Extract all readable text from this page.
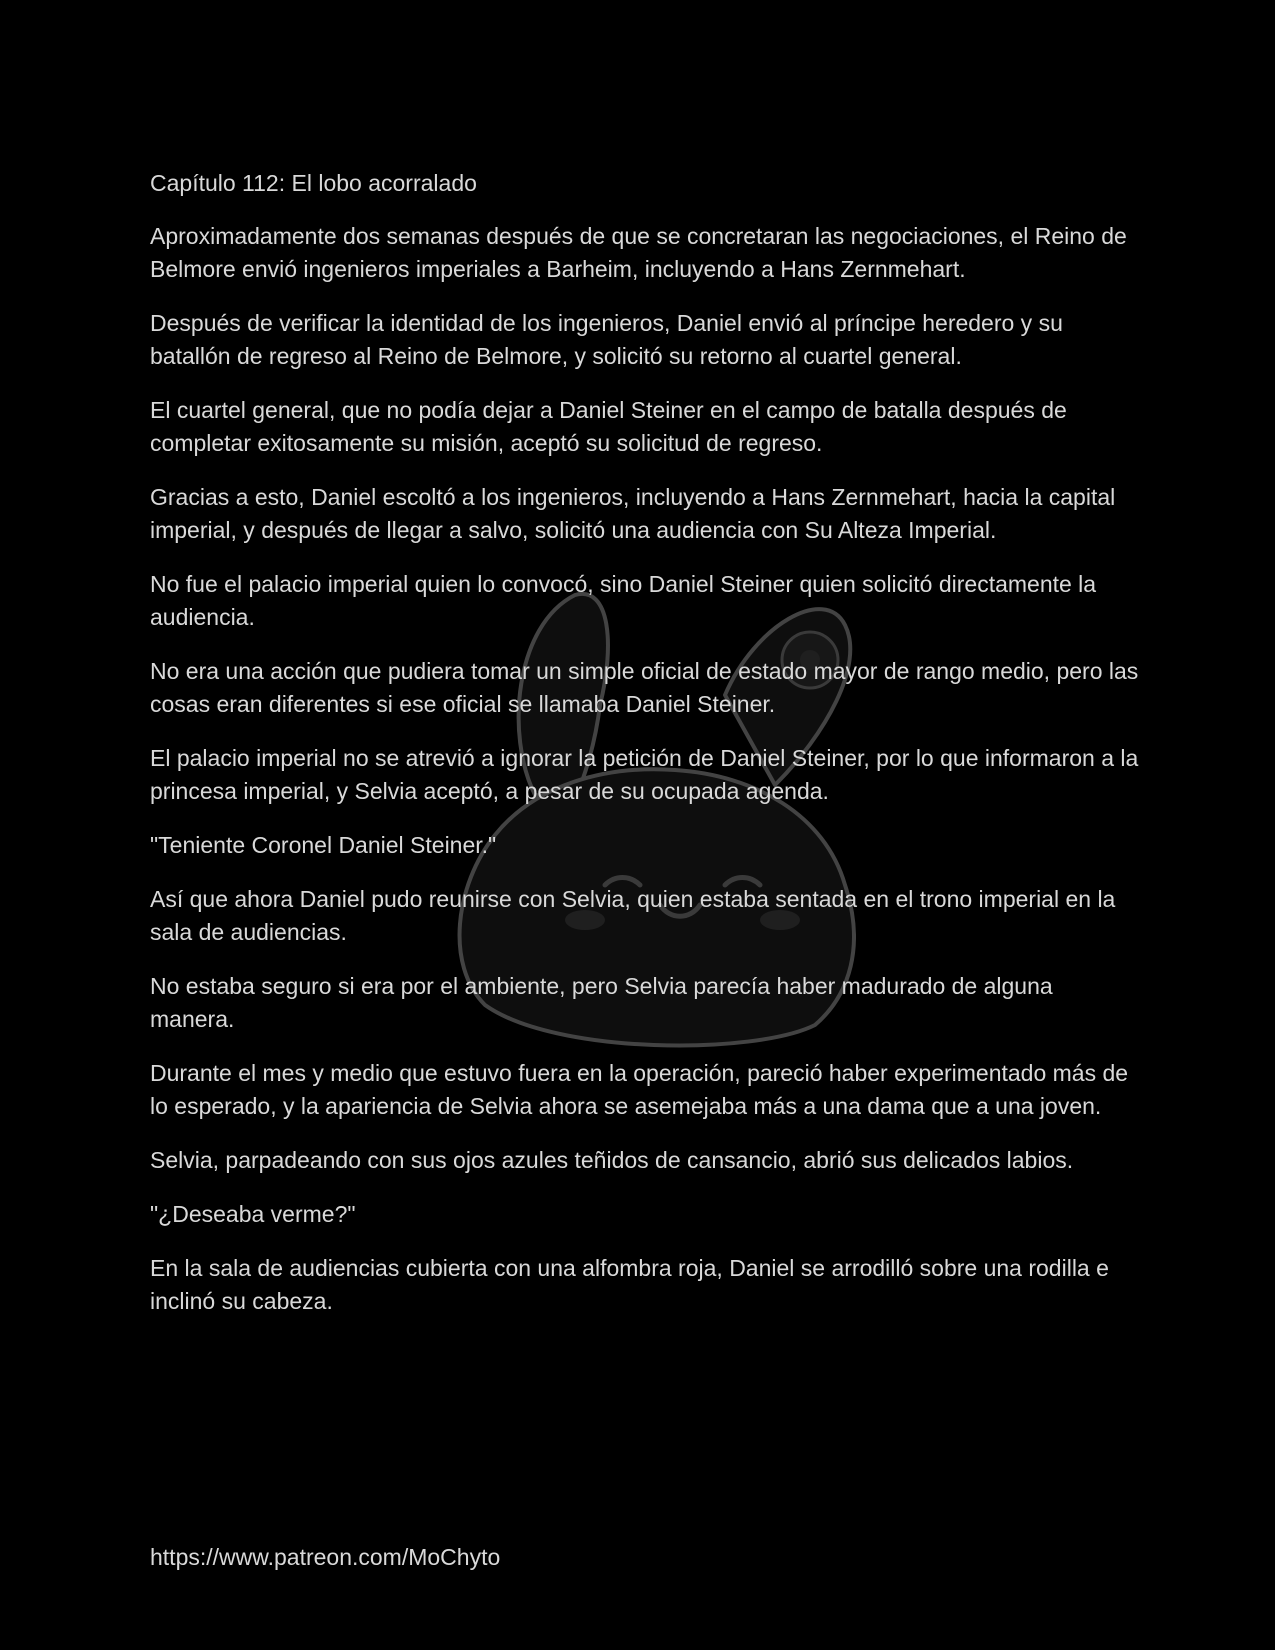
Capítulo 112: El lobo acorralado

Aproximadamente dos semanas después de que se concretaran las negociaciones, el Reino de Belmore envió ingenieros imperiales a Barheim, incluyendo a Hans Zernmehart.

Después de verificar la identidad de los ingenieros, Daniel envió al príncipe heredero y su batallón de regreso al Reino de Belmore, y solicitó su retorno al cuartel general.

El cuartel general, que no podía dejar a Daniel Steiner en el campo de batalla después de completar exitosamente su misión, aceptó su solicitud de regreso.

Gracias a esto, Daniel escoltó a los ingenieros, incluyendo a Hans Zernmehart, hacia la capital imperial, y después de llegar a salvo, solicitó una audiencia con Su Alteza Imperial.

No fue el palacio imperial quien lo convocó, sino Daniel Steiner quien solicitó directamente la audiencia.

No era una acción que pudiera tomar un simple oficial de estado mayor de rango medio, pero las cosas eran diferentes si ese oficial se llamaba Daniel Steiner.

El palacio imperial no se atrevió a ignorar la petición de Daniel Steiner, por lo que informaron a la princesa imperial, y Selvia aceptó, a pesar de su ocupada agenda.

"Teniente Coronel Daniel Steiner."

Así que ahora Daniel pudo reunirse con Selvia, quien estaba sentada en el trono imperial en la sala de audiencias.

No estaba seguro si era por el ambiente, pero Selvia parecía haber madurado de alguna manera.

Durante el mes y medio que estuvo fuera en la operación, pareció haber experimentado más de lo esperado, y la apariencia de Selvia ahora se asemejaba más a una dama que a una joven.

Selvia, parpadeando con sus ojos azules teñidos de cansancio, abrió sus delicados labios.

"¿Deseaba verme?"

En la sala de audiencias cubierta con una alfombra roja, Daniel se arrodilló sobre una rodilla e inclinó su cabeza.

https://www.patreon.com/MoChyto
